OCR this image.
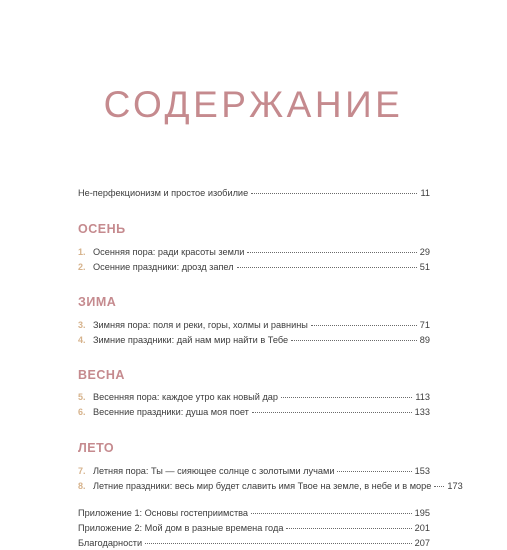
СОДЕРЖАНИЕ
Не-перфекционизм и простое изобилие	11
ОСЕНЬ
1. Осенняя пора: ради красоты земли	29
2. Осенние праздники: дрозд запел	51
ЗИМА
3. Зимняя пора: поля и реки, горы, холмы и равнины	71
4. Зимние праздники: дай нам мир найти в Тебе	89
ВЕСНА
5. Весенняя пора: каждое утро как новый дар	113
6. Весенние праздники: душа моя поет	133
ЛЕТО
7. Летняя пора: Ты — сияющее солнце с золотыми лучами	153
8. Летние праздники: весь мир будет славить имя Твое на земле, в небе и в море 173
Приложение 1: Основы гостеприимства	195
Приложение 2: Мой дом в разные времена года	201
Благодарности	207
